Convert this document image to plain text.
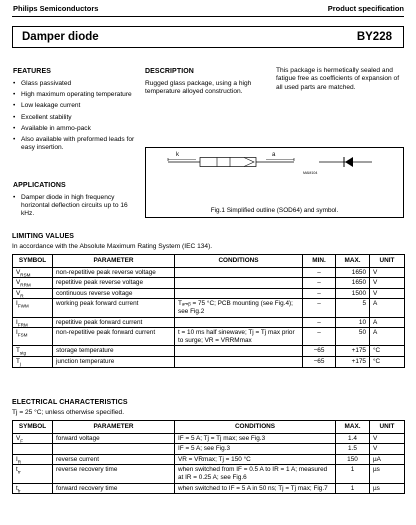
Philips Semiconductors	Product specification
Damper diode	BY228
FEATURES
• Glass passivated
• High maximum operating temperature
• Low leakage current
• Excellent stability
• Available in ammo-pack
• Also available with preformed leads for easy insertion.
DESCRIPTION
Rugged glass package, using a high temperature alloyed construction.
This package is hermetically sealed and fatigue free as coefficients of expansion of all used parts are matched.
k	a
MAM104
Fig.1 Simplified outline (SOD64) and symbol.
APPLICATIONS
• Damper diode in high frequency horizontal deflection circuits up to 16 kHz.
LIMITING VALUES
In accordance with the Absolute Maximum Rating System (IEC 134).
SYMBOL	PARAMETER	CONDITIONS	MIN.	MAX.	UNIT
$V_{RSM}$	non-repetitive peak reverse voltage		–	1650	V
$V_{RRM}$	repetitive peak reverse voltage		–	1650	V
$V_R$	continuous reverse voltage		–	1500	V
$I_{FWM}$	working peak forward current	Tₐₘᵦ = 75 °C; PCB mounting (see Fig.4); see Fig.2	–	5	A
$I_{FRM}$	repetitive peak forward current		–	10	A
$I_{FSM}$	non-repetitive peak forward current	t = 10 ms half sinewave; Tj = Tj max prior to surge; VR = VRRMmax	–	50	A
$T_{stg}$	storage temperature		−65	+175	°C
$T_j$	junction temperature		−65	+175	°C
ELECTRICAL CHARACTERISTICS
Tj = 25 °C; unless otherwise specified.
SYMBOL	PARAMETER	CONDITIONS	MAX.	UNIT
$V_F$	forward voltage	IF = 5 A; Tj = Tj max; see Fig.3	1.4	V
		IF = 5 A; see Fig.3	1.5	V
$I_R$	reverse current	VR = VRmax; Tj = 150 °C	150	µA
$t_{rr}$	reverse recovery time	when switched from IF = 0.5 A to IR = 1 A; measured at IR = 0.25 A; see Fig.6	1	µs
$t_{fr}$	forward recovery time	when switched to IF = 5 A in 50 ns; Tj = Tj max; Fig.7	1	µs
